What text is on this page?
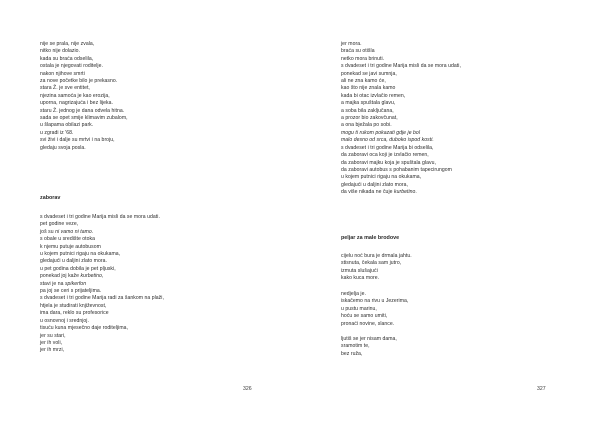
nije se prala, nije zvala,
nitko nije dolazio.
kada su braća odselila,
ostala je njegovati roditelje.
nakon njihove smrti
za nove početke bilo je prekasno.
stara Ž. je sve entitet,
njezina samoća je kao erozija,
uporna, nagrizajuća i bez lijeka.
staru Ž. jednog je dana odvela hitna.
sada se opet smije klimavim zubalom,
u šlapama obilazi park.
u zgradi iz '68.
svi živi i dalje su mrtvi i na broju,
gledaju svoja posla.
zaborav
s dvadeset i tri godine Marija misli da se mora udati.
pet godine veze,
još su ni vamo ni tamo.
s obale u središte otoka
k njemu putuje autobusom
u kojem putnici rigaju na okukama,
gledajući u daljini zlato mora.
u pet godina dobila je pet pljuski,
ponekad joj kaže kurbetino,
stavi je na spikerfon
pa joj se ceri s prijateljima.
s dvadeset i tri godine Marija radi za šankom na plaži,
htjela je studirati književnost,
ima dara, reklo su profesorice
u osnovnoj i srednjoj.
tisuću kuna mjesečno daje roditeljima,
jer su stari,
jer ih voli,
jer ih mrzi,
326
jer mora.
braća su otišla
netko mora brinuti.
s dvadeset i tri godine Marija misli da se mora udati,
ponekad se javi sumnja,
ali ne zna kamo će,
kao što nije znala kamo
kada bi otac izvlačio remen,
a majka spuštala glavu,
a soba bila zaključana,
a prozor bio zakovčunat,
a ona bježala po sobi.
mogu ti rukom pokazati gdje je bol
malo desno od srca, duboko ispod kosti.
s dvadeset i tri godine Marija bi odselila,
da zaboravi oca koji je izvlačio remen,
da zaboravi majku koja je spuštala glavu,
da zaboravi autobus s pohabanim tapecirungom
u kojem putnici rigaju na okukama,
gledajući u daljini zlato mora,
da više nikada ne čuje kurbetino.
peljar za male brodove
cijelu noć bura je drmala jahtu.
stisnuta, čekala sam jutro,
izmuta slušajući
kako kuca more.
nedjelja je.
iskačemo na rivu u Jezerima,
u pustu marinu,
hoću se samo umiti,
pronaći novine, slance.
ljutiš se jer nisam dama,
sramotim te,
bez ruža,
327
